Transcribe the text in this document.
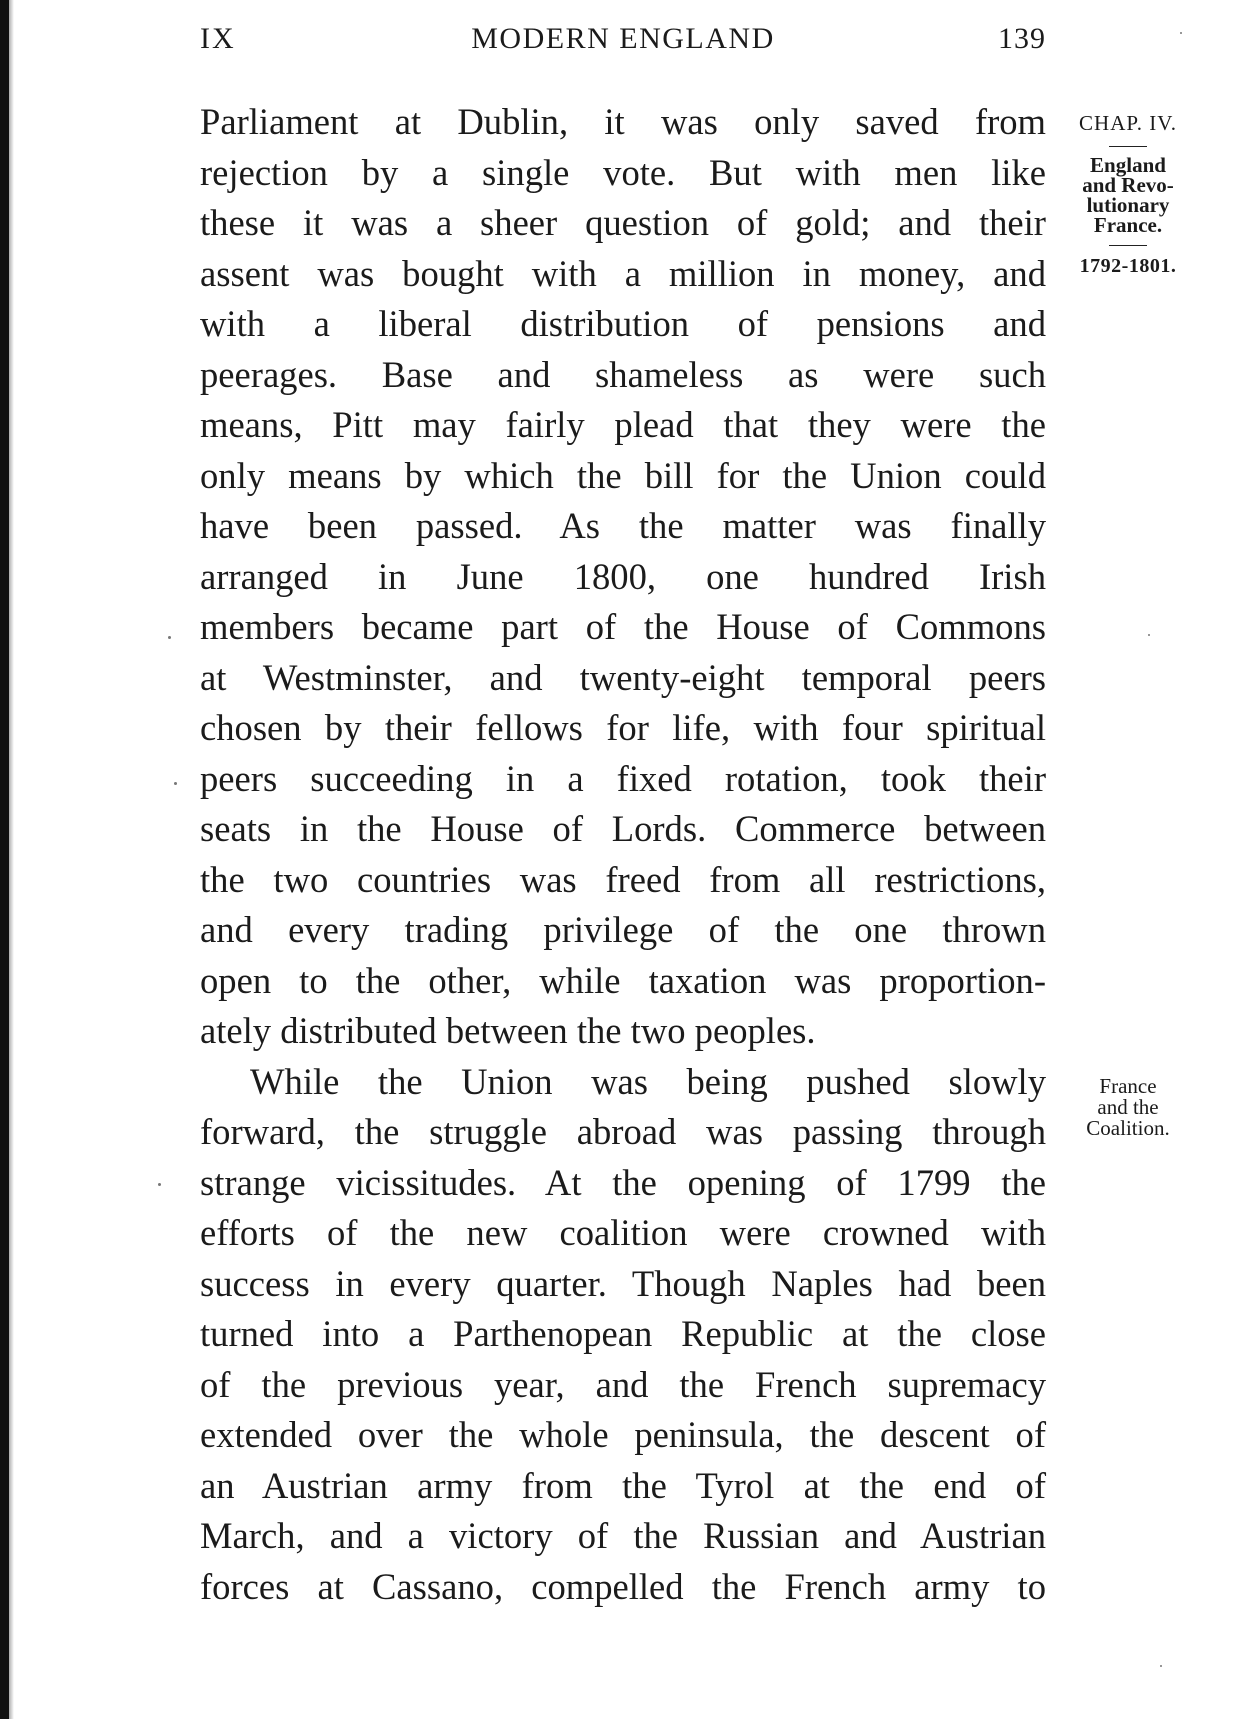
IX	MODERN ENGLAND	139
Parliament at Dublin, it was only saved from
rejection by a single vote. But with men like
these it was a sheer question of gold; and their
assent was bought with a million in money, and
with a liberal distribution of pensions and
peerages. Base and shameless as were such
means, Pitt may fairly plead that they were the
only means by which the bill for the Union could
have been passed. As the matter was finally
arranged in June 1800, one hundred Irish
members became part of the House of Commons
at Westminster, and twenty-eight temporal peers
chosen by their fellows for life, with four spiritual
peers succeeding in a fixed rotation, took their
seats in the House of Lords. Commerce between
the two countries was freed from all restrictions,
and every trading privilege of the one thrown
open to the other, while taxation was proportion-
ately distributed between the two peoples.
While the Union was being pushed slowly
forward, the struggle abroad was passing through
strange vicissitudes. At the opening of 1799 the
efforts of the new coalition were crowned with
success in every quarter. Though Naples had been
turned into a Parthenopean Republic at the close
of the previous year, and the French supremacy
extended over the whole peninsula, the descent of
an Austrian army from the Tyrol at the end of
March, and a victory of the Russian and Austrian
forces at Cassano, compelled the French army to
CHAP. IV.
England
and Revo-
lutionary
France.
1792-1801.
France
and the
Coalition.
